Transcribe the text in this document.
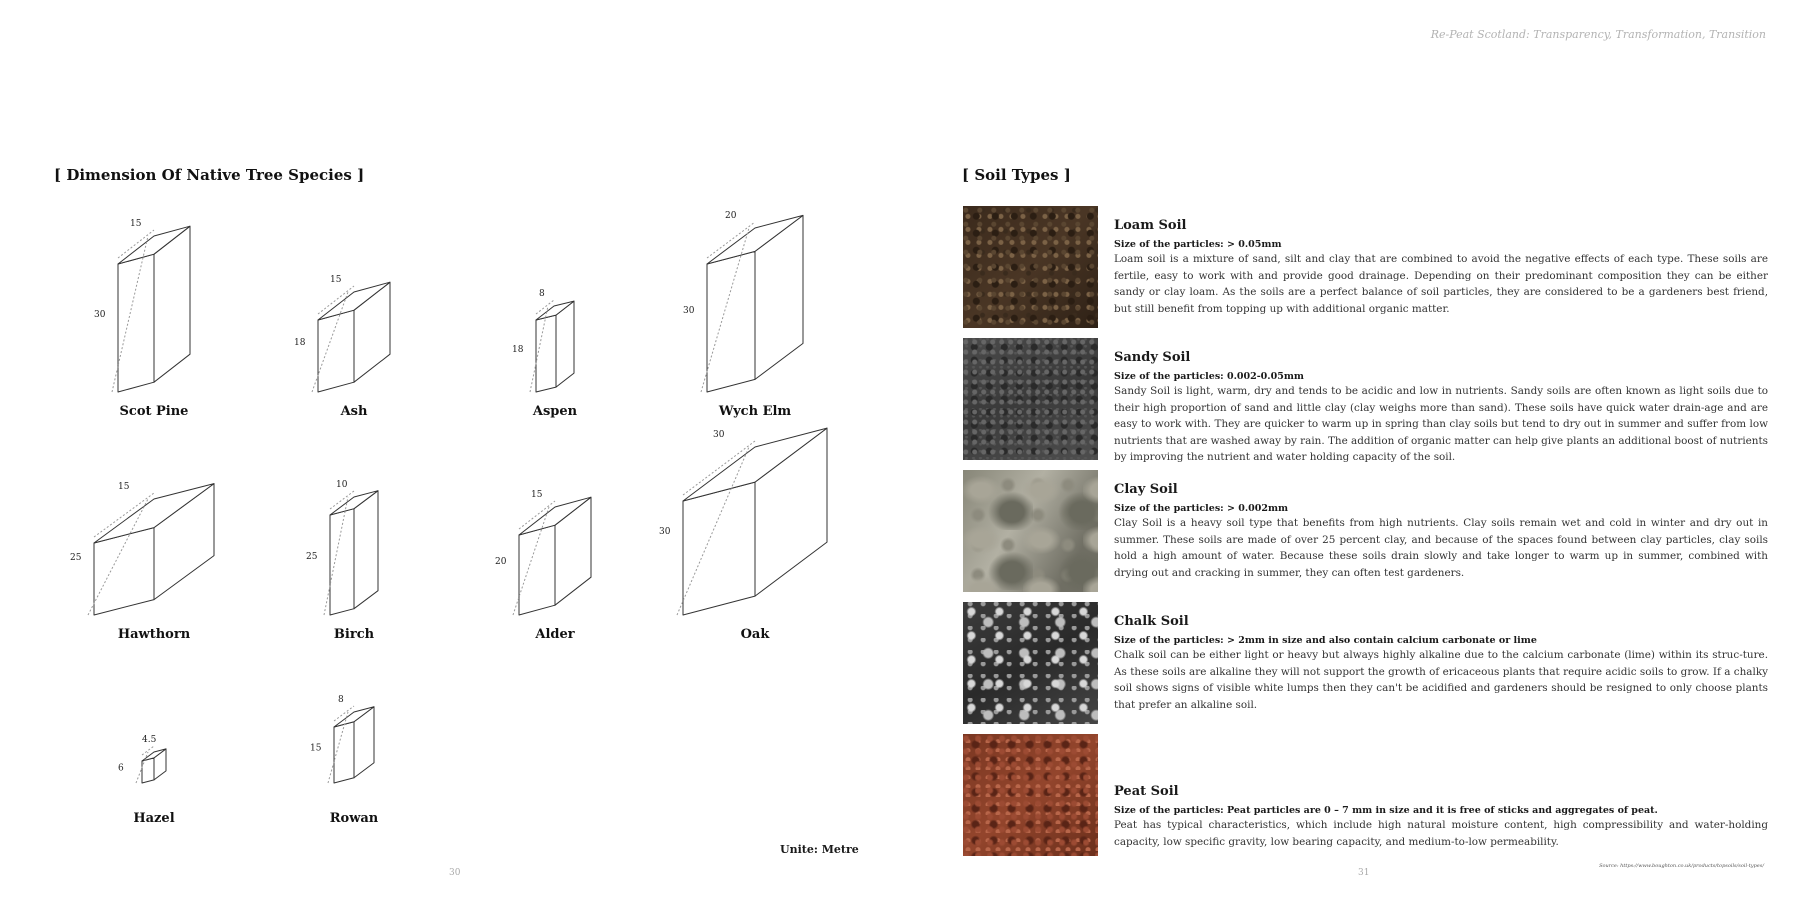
Re-Peat Scotland: Transparency, Transformation, Transition
[ Dimension Of Native Tree Species ]
30
15
Scot Pine
18
15
Ash
18
8
Aspen
30
20
Wych Elm
25
15
Hawthorn
25
10
Birch
20
15
Alder
30
30
Oak
6
4.5
Hazel
15
8
Rowan
Unite: Metre
30
[ Soil Types ]
Loam Soil
Size of the particles: > 0.05mm
Loam soil is a mixture of sand, silt and clay that are combined to avoid the negative effects of each type. These soils are fertile, easy to work with and provide good drainage. Depending on their predominant composition they can be either sandy or clay loam. As the soils are a perfect balance of soil particles, they are considered to be a gardeners best friend, but still benefit from topping up with additional organic matter.
Sandy Soil
Size of the particles: 0.002-0.05mm
Sandy Soil is light, warm, dry and tends to be acidic and low in nutrients. Sandy soils are often known as light soils due to their high proportion of sand and little clay (clay weighs more than sand). These soils have quick water drain-age and are easy to work with. They are quicker to warm up in spring than clay soils but tend to dry out in summer and suffer from low nutrients that are washed away by rain. The addition of organic matter can help give plants an additional boost of nutrients by improving the nutrient and water holding capacity of the soil.
Clay Soil
Size of the particles: > 0.002mm
Clay Soil is a heavy soil type that benefits from high nutrients. Clay soils remain wet and cold in winter and dry out in summer. These soils are made of over 25 percent clay, and because of the spaces found between clay particles, clay soils hold a high amount of water. Because these soils drain slowly and take longer to warm up in summer, combined with drying out and cracking in summer, they can often test gardeners.
Chalk Soil
Size of the particles: > 2mm in size and also contain calcium carbonate or lime
Chalk soil can be either light or heavy but always highly alkaline due to the calcium carbonate (lime) within its struc-ture. As these soils are alkaline they will not support the growth of ericaceous plants that require acidic soils to grow. If a chalky soil shows signs of visible white lumps then they can't be acidified and gardeners should be resigned to only choose plants that prefer an alkaline soil.
Peat Soil
Size of the particles: Peat particles are 0 – 7 mm in size and it is free of sticks and aggregates of peat.
Peat has typical characteristics, which include high natural moisture content, high compressibility and water-holding capacity, low specific gravity, low bearing capacity, and medium-to-low permeability.
31
Source: https://www.boughton.co.uk/products/topsoils/soil-types/
